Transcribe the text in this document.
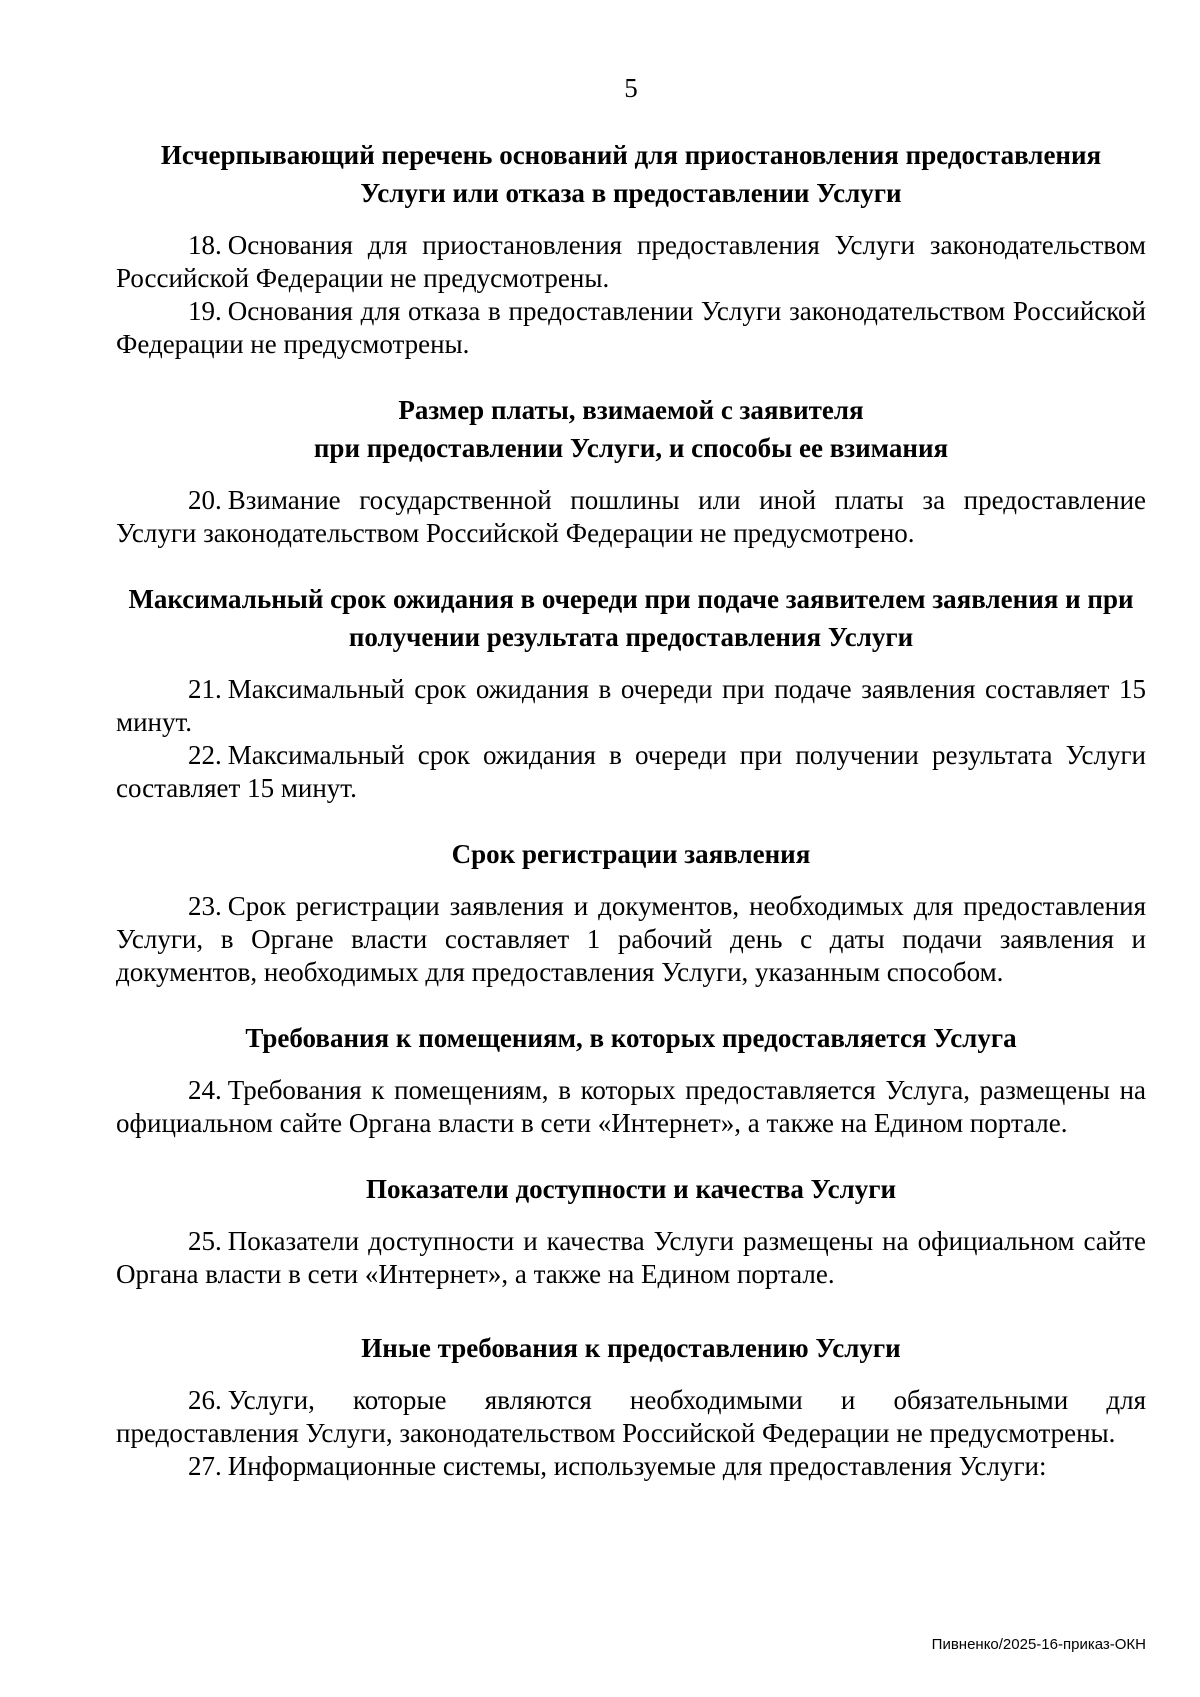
5
Исчерпывающий перечень оснований для приостановления предоставления Услуги или отказа в предоставлении Услуги

18. Основания для приостановления предоставления Услуги законодательством Российской Федерации не предусмотрены.

19. Основания для отказа в предоставлении Услуги законодательством Российской Федерации не предусмотрены.

Размер платы, взимаемой с заявителя
при предоставлении Услуги, и способы ее взимания

20. Взимание государственной пошлины или иной платы за предоставление Услуги законодательством Российской Федерации не предусмотрено.

Максимальный срок ожидания в очереди при подаче заявителем заявления и при получении результата предоставления Услуги

21. Максимальный срок ожидания в очереди при подаче заявления составляет 15 минут.

22. Максимальный срок ожидания в очереди при получении результата Услуги составляет 15 минут.

Срок регистрации заявления

23. Срок регистрации заявления и документов, необходимых для предоставления Услуги, в Органе власти составляет 1 рабочий день с даты подачи заявления и документов, необходимых для предоставления Услуги, указанным способом.

Требования к помещениям, в которых предоставляется Услуга

24. Требования к помещениям, в которых предоставляется Услуга, размещены на официальном сайте Органа власти в сети «Интернет», а также на Едином портале.

Показатели доступности и качества Услуги

25. Показатели доступности и качества Услуги размещены на официальном сайте Органа власти в сети «Интернет», а также на Едином портале.

Иные требования к предоставлению Услуги

26. Услуги, которые являются необходимыми и обязательными для предоставления Услуги, законодательством Российской Федерации не предусмотрены.

27. Информационные системы, используемые для предоставления Услуги:

Пивненко/2025-16-приказ-ОКН
